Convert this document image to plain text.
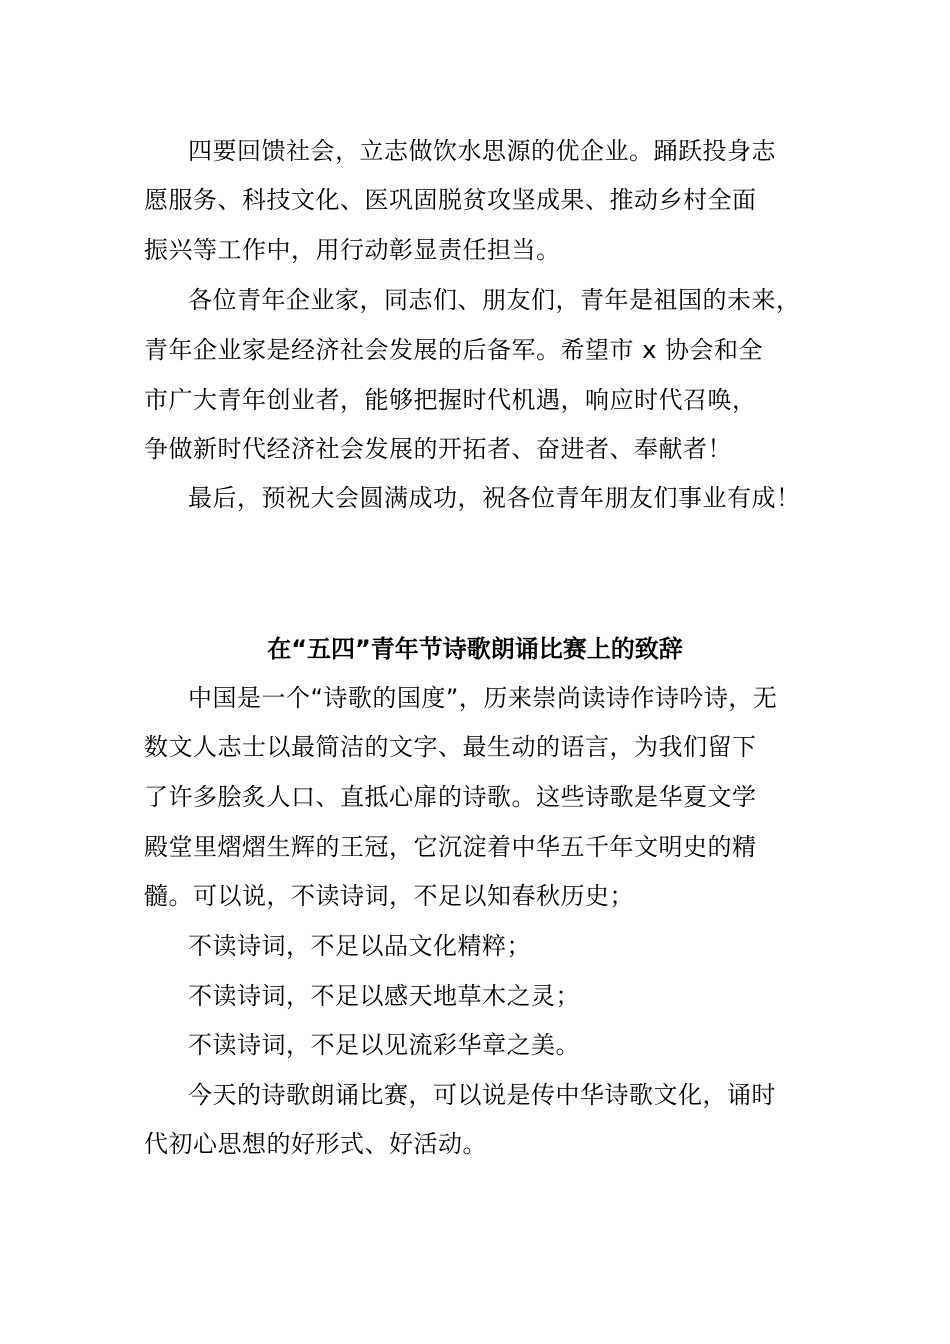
四要回馈社会，立志做饮水思源的优企业。踊跃投身志
愿服务、科技文化、医巩固脱贫攻坚成果、推动乡村全面
振兴等工作中，用行动彰显责任担当。
各位青年企业家，同志们、朋友们，青年是祖国的未来，
青年企业家是经济社会发展的后备军。希望市 x 协会和全
市广大青年创业者，能够把握时代机遇，响应时代召唤，
争做新时代经济社会发展的开拓者、奋进者、奉献者！
最后，预祝大会圆满成功，祝各位青年朋友们事业有成！
在“五四”青年节诗歌朗诵比赛上的致辞
中国是一个“诗歌的国度”，历来崇尚读诗作诗吟诗，无
数文人志士以最简洁的文字、最生动的语言，为我们留下
了许多脍炙人口、直抵心扉的诗歌。这些诗歌是华夏文学
殿堂里熠熠生辉的王冠，它沉淀着中华五千年文明史的精
髓。可以说，不读诗词，不足以知春秋历史；
不读诗词，不足以品文化精粹；
不读诗词，不足以感天地草木之灵；
不读诗词，不足以见流彩华章之美。
今天的诗歌朗诵比赛，可以说是传中华诗歌文化，诵时
代初心思想的好形式、好活动。
